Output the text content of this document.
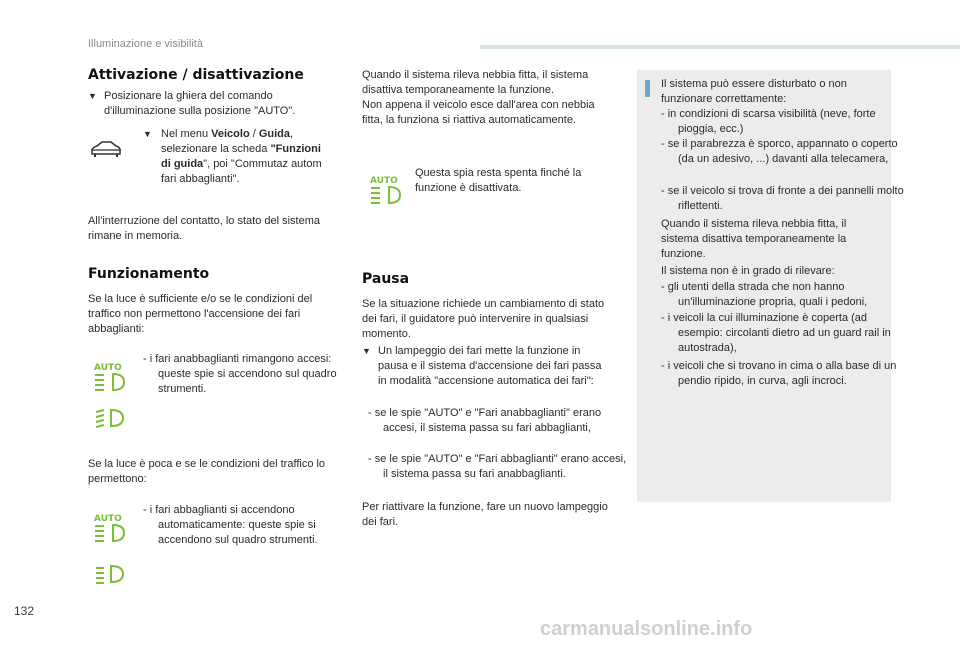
Illuminazione e visibilità
Attivazione / disattivazione
▼ Posizionare la ghiera del comando d'illuminazione sulla posizione "AUTO".
▼ Nel menu Veicolo / Guida, selezionare la scheda "Funzioni di guida", poi "Commutaz autom fari abbaglianti".
All'interruzione del contatto, lo stato del sistema rimane in memoria.
Funzionamento
Se la luce è sufficiente e/o se le condizioni del traffico non permettono l'accensione dei fari abbaglianti:
AUTO
- i fari anabbaglianti rimangono accesi: queste spie si accendono sul quadro strumenti.
Se la luce è poca e se le condizioni del traffico lo permettono:
AUTO
- i fari abbaglianti si accendono automaticamente: queste spie si accendono sul quadro strumenti.
Quando il sistema rileva nebbia fitta, il sistema disattiva temporaneamente la funzione.
Non appena il veicolo esce dall'area con nebbia fitta, la funziona si riattiva automaticamente.
AUTO
Questa spia resta spenta finché la funzione è disattivata.
Pausa
Se la situazione richiede un cambiamento di stato dei fari, il guidatore può intervenire in qualsiasi momento.
▼ Un lampeggio dei fari mette la funzione in pausa e il sistema d'accensione dei fari passa in modalità "accensione automatica dei fari":
- se le spie "AUTO" e "Fari anabbaglianti" erano accesi, il sistema passa su fari abbaglianti,
- se le spie "AUTO" e "Fari abbaglianti" erano accesi, il sistema passa su fari anabbaglianti.
Per riattivare la funzione, fare un nuovo lampeggio dei fari.
Il sistema può essere disturbato o non funzionare correttamente:
- in condizioni di scarsa visibilità (neve, forte pioggia, ecc.)
- se il parabrezza è sporco, appannato o coperto (da un adesivo, ...) davanti alla telecamera,
- se il veicolo si trova di fronte a dei pannelli molto riflettenti.
Quando il sistema rileva nebbia fitta, il sistema disattiva temporaneamente la funzione.
Il sistema non è in grado di rilevare:
- gli utenti della strada che non hanno un'illuminazione propria, quali i pedoni,
- i veicoli la cui illuminazione è coperta (ad esempio: circolanti dietro ad un guard rail in autostrada),
- i veicoli che si trovano in cima o alla base di un pendio ripido, in curva, agli incroci.
132
carmanualsonline.info
